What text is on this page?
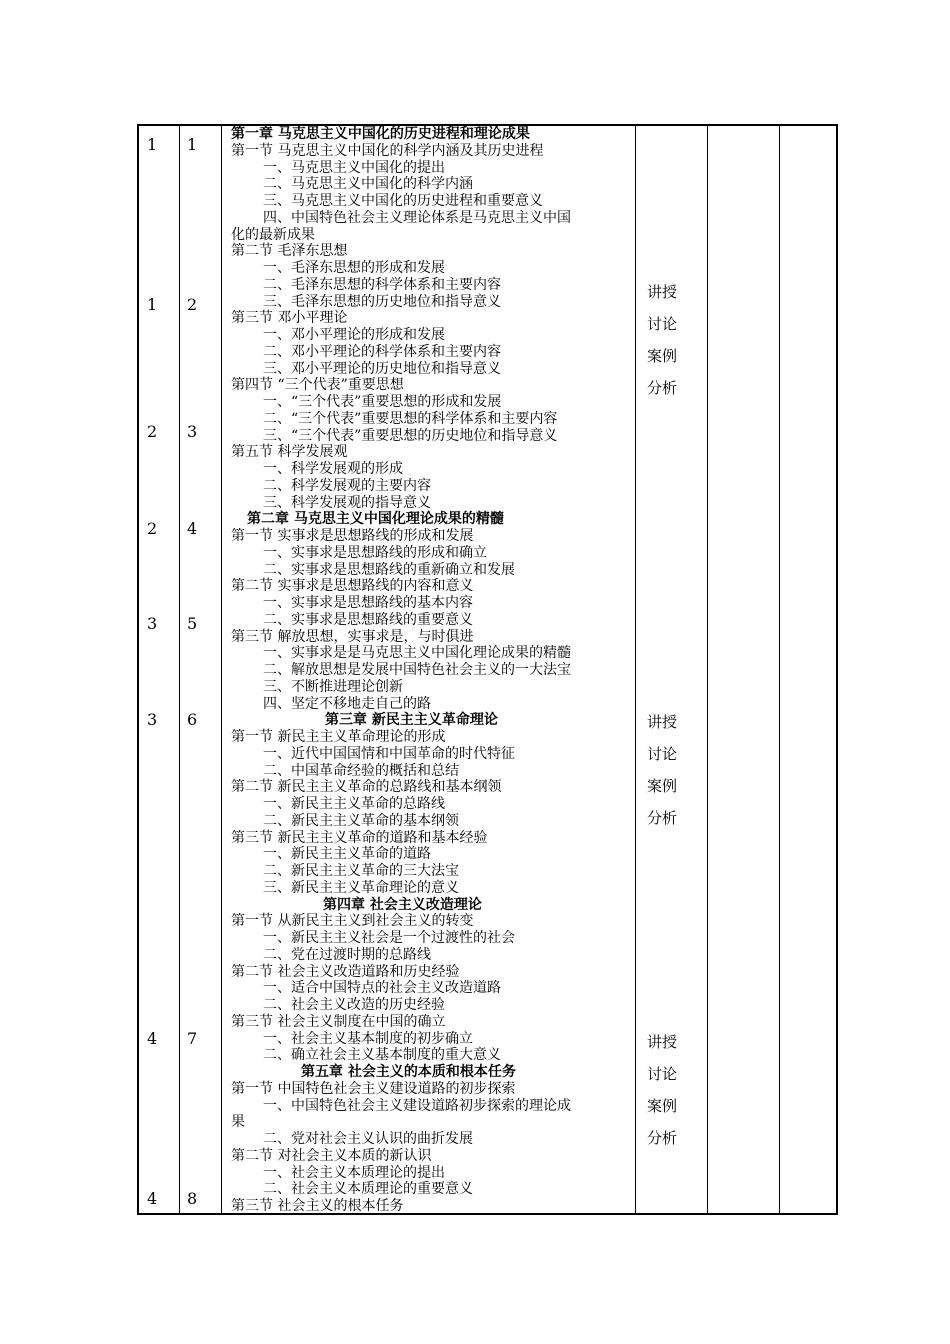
1 1
1 2
2 3
2 4
3 5
3 6
4 7
4 8
讲授
讨论
案例
分析
讲授
讨论
案例
分析
讲授
讨论
案例
分析
第一章 马克思主义中国化的历史进程和理论成果
第一节 马克思主义中国化的科学内涵及其历史进程
一、马克思主义中国化的提出
二、马克思主义中国化的科学内涵
三、马克思主义中国化的历史进程和重要意义
四、中国特色社会主义理论体系是马克思主义中国
化的最新成果
第二节 毛泽东思想
一、毛泽东思想的形成和发展
二、毛泽东思想的科学体系和主要内容
三、毛泽东思想的历史地位和指导意义
第三节 邓小平理论
一、邓小平理论的形成和发展
二、邓小平理论的科学体系和主要内容
三、邓小平理论的历史地位和指导意义
第四节 “三个代表”重要思想
一、“三个代表”重要思想的形成和发展
二、“三个代表”重要思想的科学体系和主要内容
三、“三个代表”重要思想的历史地位和指导意义
第五节 科学发展观
一、科学发展观的形成
二、科学发展观的主要内容
三、科学发展观的指导意义
第二章 马克思主义中国化理论成果的精髓
第一节 实事求是思想路线的形成和发展
一、实事求是思想路线的形成和确立
二、实事求是思想路线的重新确立和发展
第二节 实事求是思想路线的内容和意义
一、实事求是思想路线的基本内容
二、实事求是思想路线的重要意义
第三节 解放思想，实事求是，与时俱进
一、实事求是是马克思主义中国化理论成果的精髓
二、解放思想是发展中国特色社会主义的一大法宝
三、不断推进理论创新
四、坚定不移地走自己的路
第三章 新民主主义革命理论
第一节 新民主主义革命理论的形成
一、近代中国国情和中国革命的时代特征
二、中国革命经验的概括和总结
第二节 新民主主义革命的总路线和基本纲领
一、新民主主义革命的总路线
二、新民主主义革命的基本纲领
第三节 新民主主义革命的道路和基本经验
一、新民主主义革命的道路
二、新民主主义革命的三大法宝
三、新民主主义革命理论的意义
第四章 社会主义改造理论
第一节 从新民主主义到社会主义的转变
一、新民主主义社会是一个过渡性的社会
二、党在过渡时期的总路线
第二节 社会主义改造道路和历史经验
一、适合中国特点的社会主义改造道路
二、社会主义改造的历史经验
第三节 社会主义制度在中国的确立
一、社会主义基本制度的初步确立
二、确立社会主义基本制度的重大意义
第五章 社会主义的本质和根本任务
第一节 中国特色社会主义建设道路的初步探索
一、中国特色社会主义建设道路初步探索的理论成
果
二、党对社会主义认识的曲折发展
第二节 对社会主义本质的新认识
一、社会主义本质理论的提出
二、社会主义本质理论的重要意义
第三节 社会主义的根本任务
